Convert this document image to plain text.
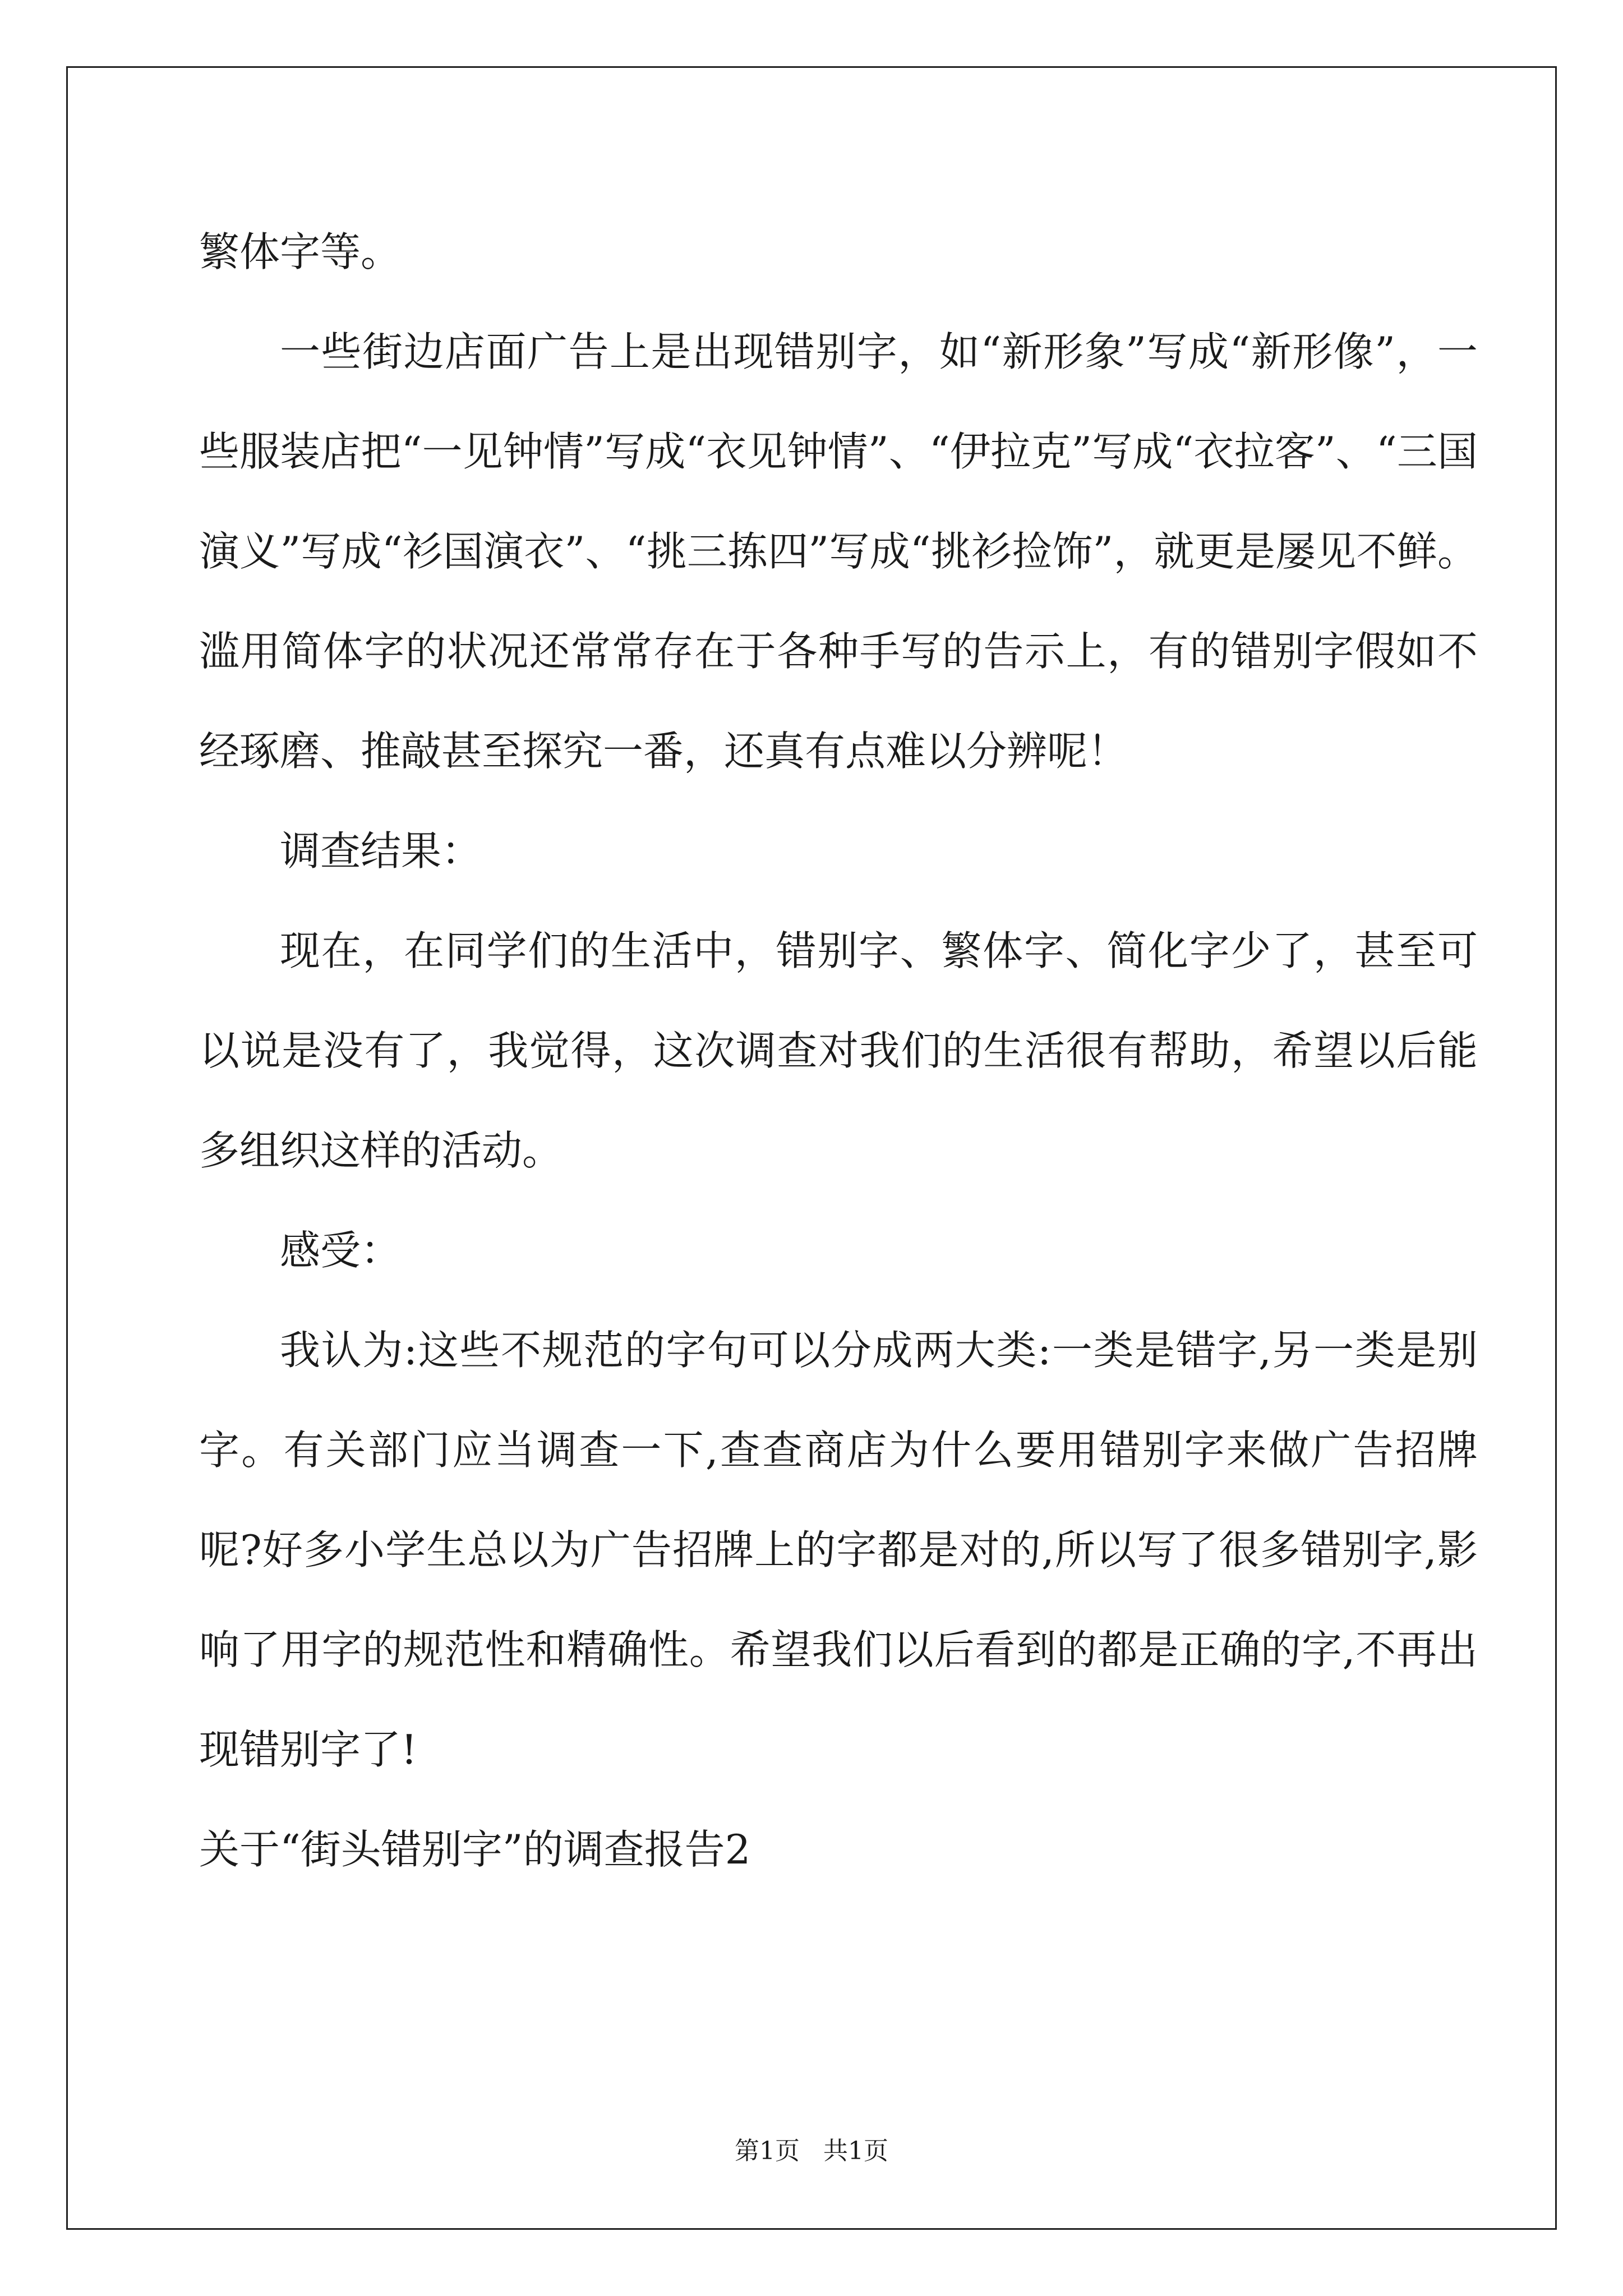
繁体字等。

一些街边店面广告上是出现错别字，如“新形象”写成“新形像”，一些服装店把“一见钟情”写成“衣见钟情”、“伊拉克”写成“衣拉客”、“三国演义”写成“衫国演衣”、“挑三拣四”写成“挑衫捡饰”，就更是屡见不鲜。滥用简体字的状况还常常存在于各种手写的告示上，有的错别字假如不经琢磨、推敲甚至探究一番，还真有点难以分辨呢！

调查结果：

现在，在同学们的生活中，错别字、繁体字、简化字少了，甚至可以说是没有了，我觉得，这次调查对我们的生活很有帮助，希望以后能多组织这样的活动。

感受：

我认为:这些不规范的字句可以分成两大类:一类是错字,另一类是别字。有关部门应当调查一下,查查商店为什么要用错别字来做广告招牌呢?好多小学生总以为广告招牌上的字都是对的,所以写了很多错别字,影响了用字的规范性和精确性。希望我们以后看到的都是正确的字,不再出现错别字了!

关于“街头错别字”的调查报告2

第1页 共1页
